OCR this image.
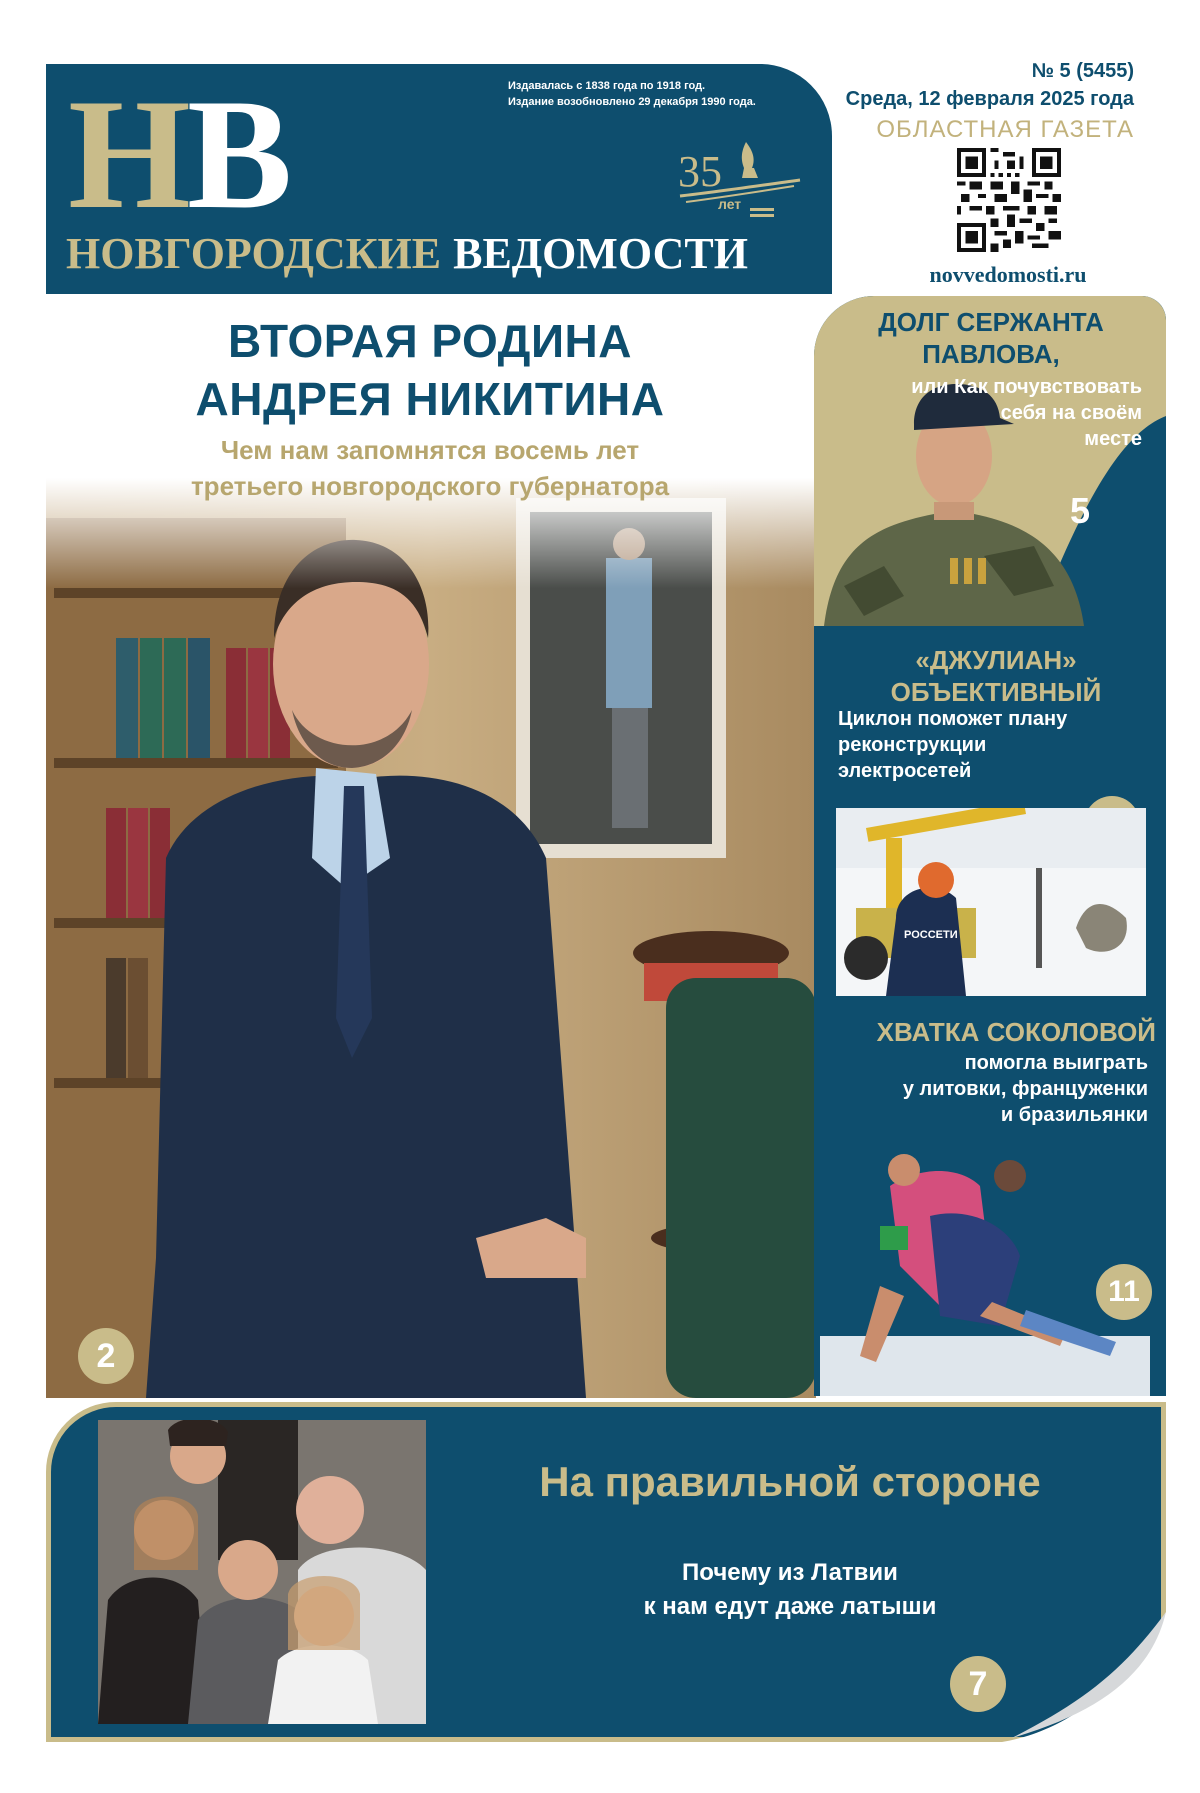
НВ
НОВГОРОДСКИЕ ВЕДОМОСТИ
Издавалась с 1838 года по 1918 год.
Издание возобновлено 29 декабря 1990 года.
35
лет
№ 5 (5455)
Среда, 12 февраля 2025 года
ОБЛАСТНАЯ ГАЗЕТА
novvedomosti.ru
ВТОРАЯ РОДИНА
АНДРЕЯ НИКИТИНА
Чем нам запомнятся восемь лет
третьего новгородского губернатора
2
ДОЛГ СЕРЖАНТА
ПАВЛОВА,
или Как почувствовать
себя на своём
месте
5
«ДЖУЛИАН»
ОБЪЕКТИВНЫЙ
Циклон поможет плану
реконструкции
электросетей
РОССЕТИ
ХВАТКА СОКОЛОВОЙ
помогла выиграть
у литовки, француженки
и бразильянки
11
На правильной стороне
Почему из Латвии
к нам едут даже латыши
7
